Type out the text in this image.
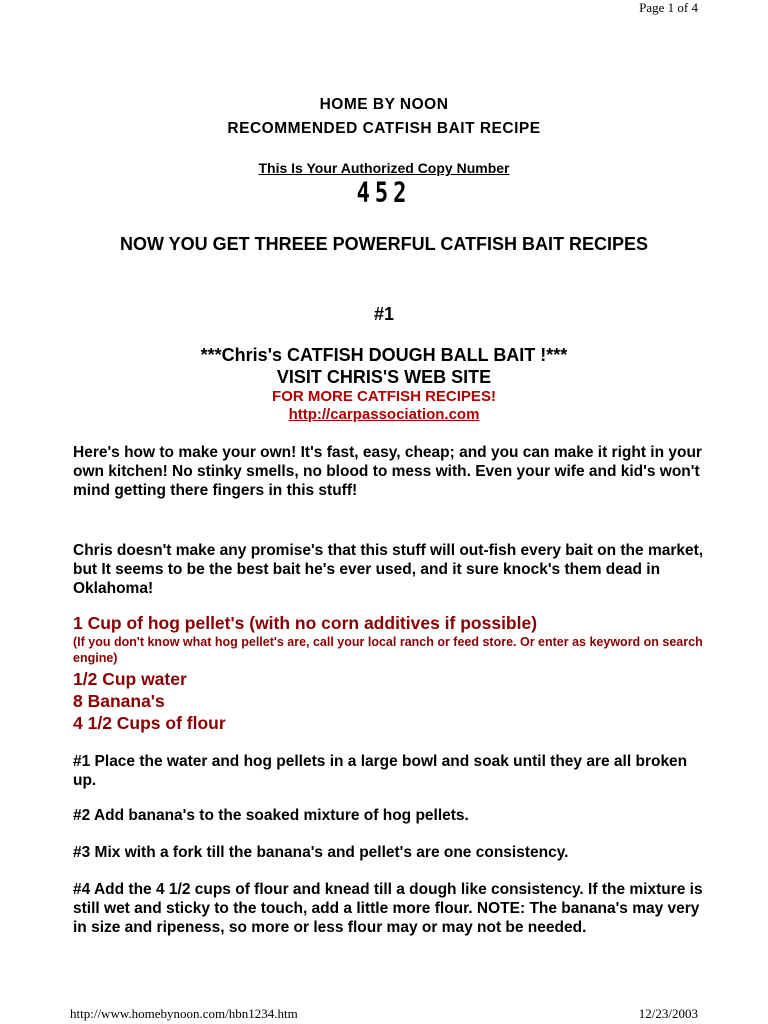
Page 1 of 4
HOME BY NOON
RECOMMENDED CATFISH BAIT RECIPE
This Is Your Authorized Copy Number
452
NOW YOU GET THREEE POWERFUL CATFISH BAIT RECIPES
#1
***Chris's CATFISH DOUGH BALL BAIT !***
VISIT CHRIS'S WEB SITE
FOR MORE CATFISH RECIPES!
http://carpassociation.com
Here's how to make your own! It's fast, easy, cheap; and you can make it right in your own kitchen! No stinky smells, no blood to mess with. Even your wife and kid's won't mind getting there fingers in this stuff!
Chris doesn't make any promise's that this stuff will out-fish every bait on the market, but It seems to be the best bait he's ever used, and it sure knock's them dead in Oklahoma!
1 Cup of hog pellet's (with no corn additives if possible)
(If you don't know what hog pellet's are, call your local ranch or feed store. Or enter as keyword on search engine)
1/2 Cup water
8 Banana's
4 1/2 Cups of flour
#1 Place the water and hog pellets in a large bowl and soak until they are all broken up.
#2 Add banana's to the soaked mixture of hog pellets.
#3 Mix with a fork till the banana's and pellet's are one consistency.
#4 Add the 4 1/2 cups of flour and knead till a dough like consistency. If the mixture is still wet and sticky to the touch, add a little more flour. NOTE: The banana's may very in size and ripeness, so more or less flour may or may not be needed.
http://www.homebynoon.com/hbn1234.htm	12/23/2003
